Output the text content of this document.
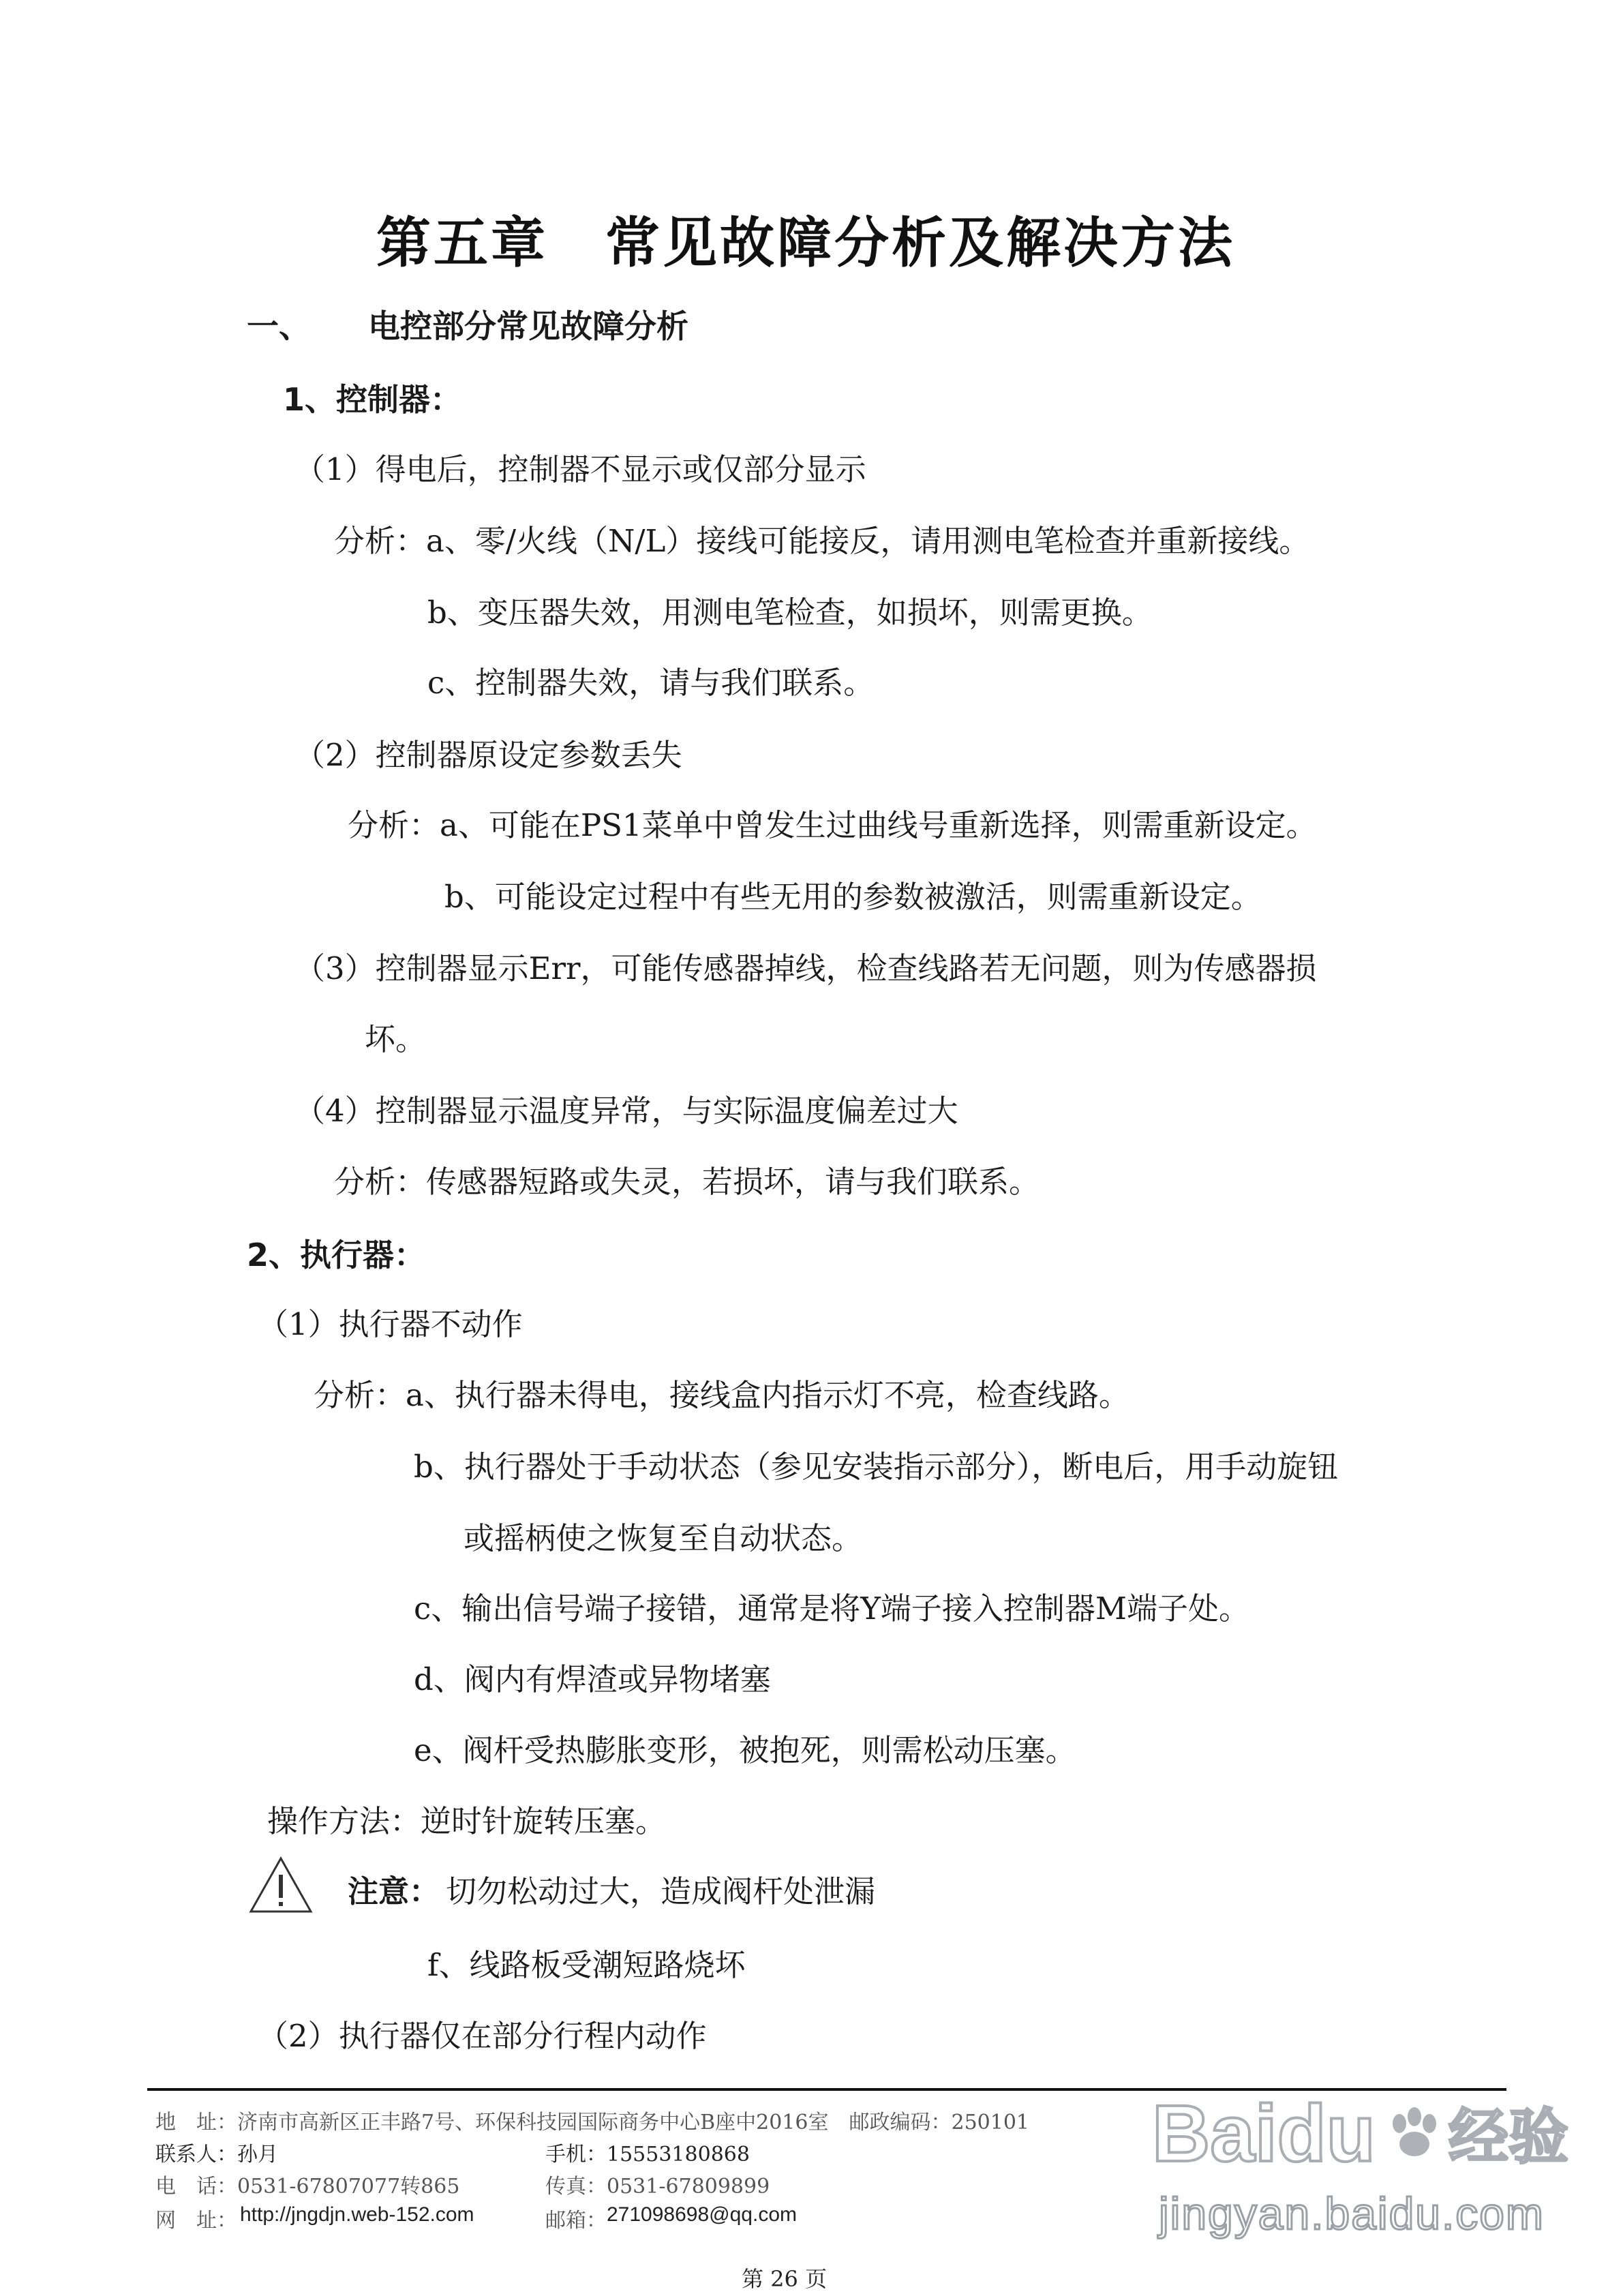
第五章　常见故障分析及解决方法
一、 电控部分常见故障分析
1、控制器：
（1）得电后，控制器不显示或仅部分显示
分析：a、零/火线（N/L）接线可能接反，请用测电笔检查并重新接线。
b、变压器失效，用测电笔检查，如损坏，则需更换。
c、控制器失效，请与我们联系。
（2）控制器原设定参数丢失
分析：a、可能在PS1菜单中曾发生过曲线号重新选择，则需重新设定。
b、可能设定过程中有些无用的参数被激活，则需重新设定。
（3）控制器显示Err，可能传感器掉线，检查线路若无问题，则为传感器损
坏。
（4）控制器显示温度异常，与实际温度偏差过大
分析：传感器短路或失灵，若损坏，请与我们联系。
2、执行器：
（1）执行器不动作
分析：a、执行器未得电，接线盒内指示灯不亮，检查线路。
b、执行器处于手动状态（参见安装指示部分），断电后，用手动旋钮
或摇柄使之恢复至自动状态。
c、输出信号端子接错，通常是将Y端子接入控制器M端子处。
d、阀内有焊渣或异物堵塞
e、阀杆受热膨胀变形，被抱死，则需松动压塞。
操作方法：逆时针旋转压塞。
注意： 切勿松动过大，造成阀杆处泄漏
f、线路板受潮短路烧坏
（2）执行器仅在部分行程内动作
地　址：济南市高新区正丰路7号、环保科技园国际商务中心B座中2016室　邮政编码：250101
联系人：孙月	手机：15553180868
电　话：0531-67807077转865	传真：0531-67809899
网　址： http://jngdjn.web-152.com	邮箱： 271098698@qq.com
第 26 页
Baidu 经验
jingyan.baidu.com
